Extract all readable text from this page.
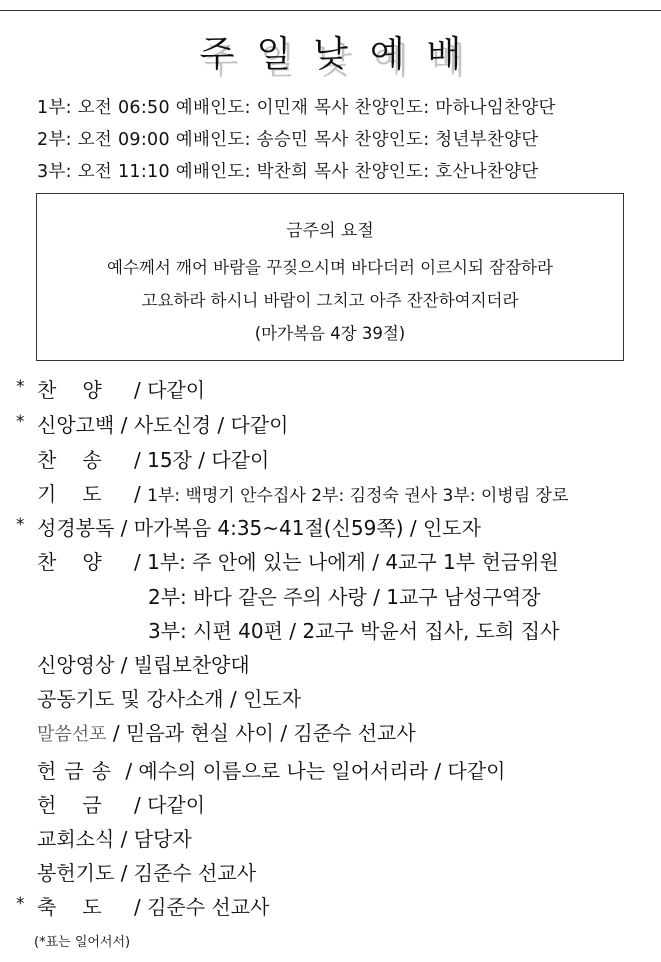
주일낮예배
1부: 오전 06:50 예배인도: 이민재 목사 찬양인도: 마하나임찬양단
2부: 오전 09:00 예배인도: 송승민 목사 찬양인도: 청년부찬양단
3부: 오전 11:10 예배인도: 박찬희 목사 찬양인도: 호산나찬양단
금주의 요절
예수께서 깨어 바람을 꾸짖으시며 바다더러 이르시되 잠잠하라
고요하라 하시니 바람이 그치고 아주 잔잔하여지더라
(마가복음 4장 39절)
* 찬양 / 다같이
* 신앙고백 / 사도신경 / 다같이
찬송 / 15장 / 다같이
기도 / 1부: 백명기 안수집사 2부: 김정숙 권사 3부: 이병림 장로
* 성경봉독 / 마가복음 4:35~41절(신59쪽) / 인도자
찬양 / 1부: 주 안에 있는 나에게 / 4교구 1부 헌금위원
2부: 바다 같은 주의 사랑 / 1교구 남성구역장
3부: 시편 40편 / 2교구 박윤서 집사, 도희 집사
신앙영상 / 빌립보찬양대
공동기도 및 강사소개 / 인도자
말씀선포 / 믿음과 현실 사이 / 김준수 선교사
헌금송 / 예수의 이름으로 나는 일어서리라 / 다같이
헌금 / 다같이
교회소식 / 담당자
봉헌기도 / 김준수 선교사
* 축도 / 김준수 선교사
(*표는 일어서서)
